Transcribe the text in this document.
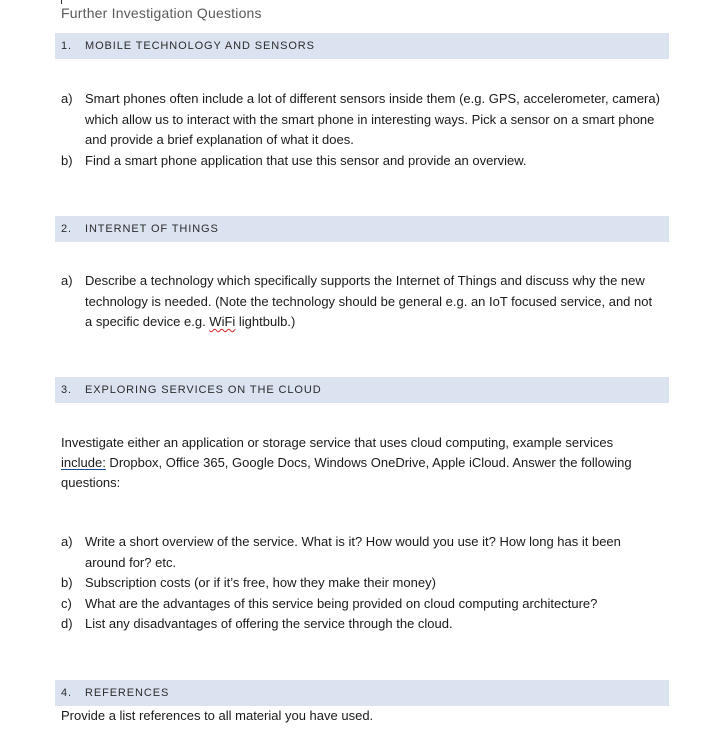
Further Investigation Questions
1.	MOBILE TECHNOLOGY AND SENSORS
a) Smart phones often include a lot of different sensors inside them (e.g. GPS, accelerometer, camera) which allow us to interact with the smart phone in interesting ways. Pick a sensor on a smart phone and provide a brief explanation of what it does.
b) Find a smart phone application that use this sensor and provide an overview.
2.	INTERNET OF THINGS
a) Describe a technology which specifically supports the Internet of Things and discuss why the new technology is needed. (Note the technology should be general e.g. an IoT focused service, and not a specific device e.g. WiFi lightbulb.)
3.	EXPLORING SERVICES ON THE CLOUD

Investigate either an application or storage service that uses cloud computing, example services include: Dropbox, Office 365, Google Docs, Windows OneDrive, Apple iCloud. Answer the following questions:

a) Write a short overview of the service. What is it? How would you use it? How long has it been around for? etc.
b) Subscription costs (or if it’s free, how they make their money)
c)	What are the advantages of this service being provided on cloud computing architecture?
d) List any disadvantages of offering the service through the cloud.
4.	REFERENCES

Provide a list references to all material you have used.
